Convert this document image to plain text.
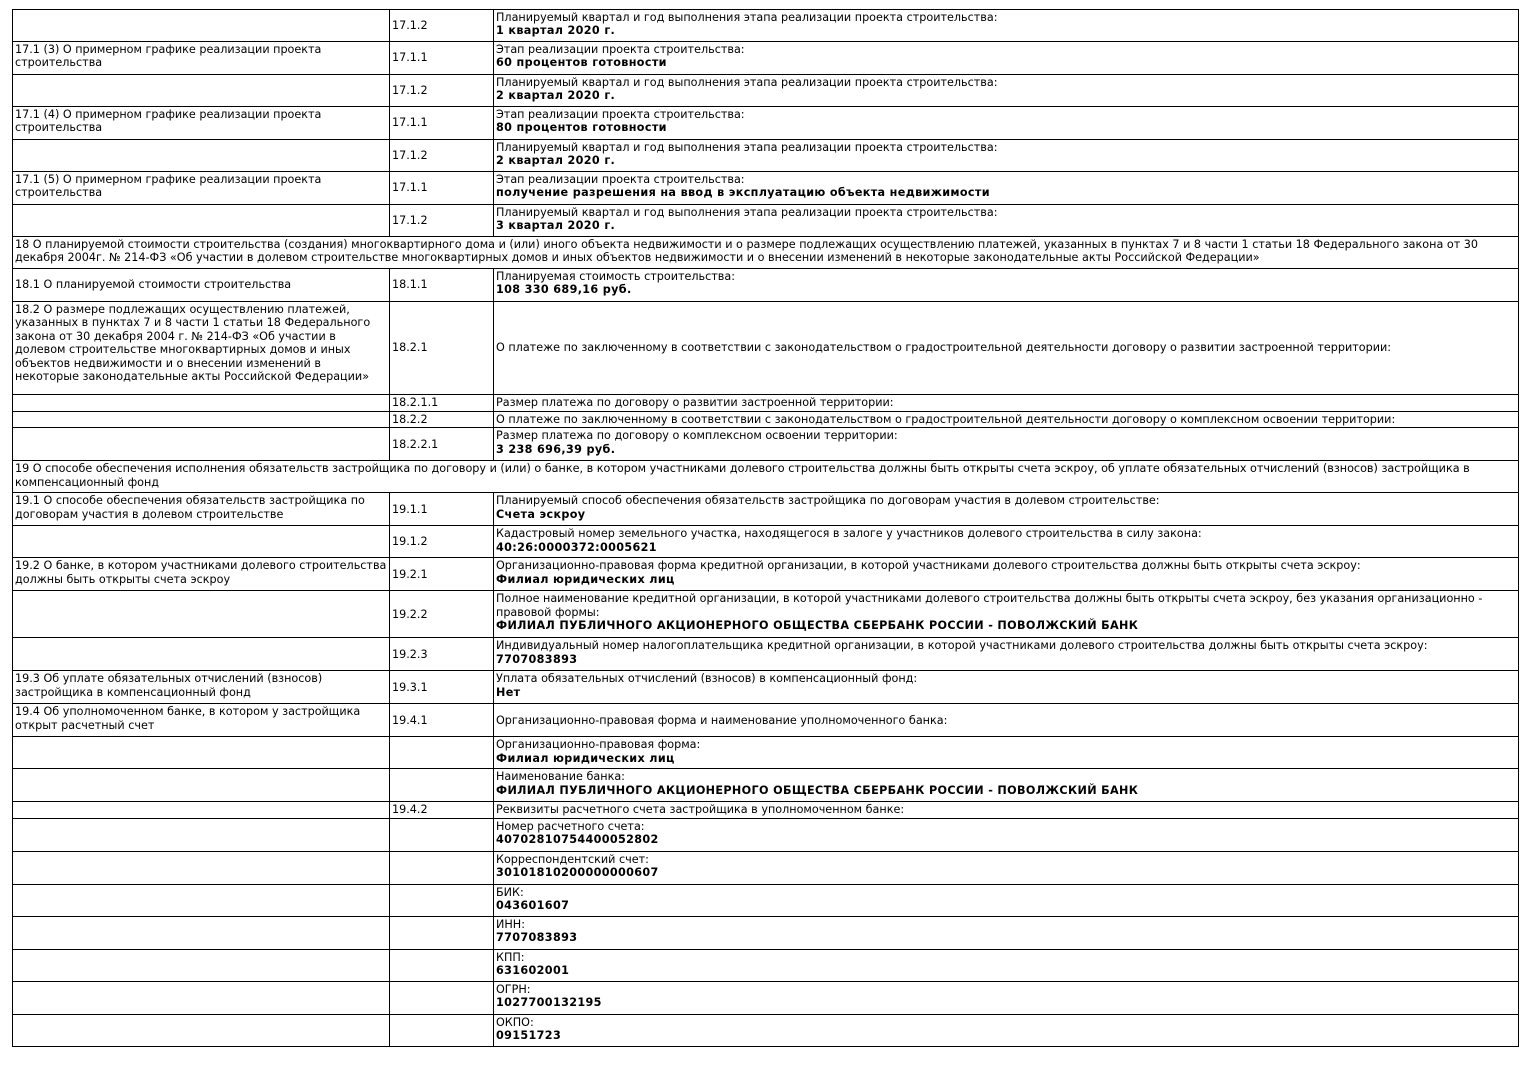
	17.1.2	Планируемый квартал и год выполнения этапа реализации проекта строительства:
1 квартал 2020 г.

17.1 (3) О примерном графике реализации проекта строительства	17.1.1	Этап реализации проекта строительства:
60 процентов готовности

	17.1.2	Планируемый квартал и год выполнения этапа реализации проекта строительства:
2 квартал 2020 г.

17.1 (4) О примерном графике реализации проекта строительства	17.1.1	Этап реализации проекта строительства:
80 процентов готовности

	17.1.2	Планируемый квартал и год выполнения этапа реализации проекта строительства:
2 квартал 2020 г.

17.1 (5) О примерном графике реализации проекта строительства	17.1.1	Этап реализации проекта строительства:
получение разрешения на ввод в эксплуатацию объекта недвижимости

	17.1.2	Планируемый квартал и год выполнения этапа реализации проекта строительства:
3 квартал 2020 г.

18 О планируемой стоимости строительства (создания) многоквартирного дома и (или) иного объекта недвижимости и о размере подлежащих осуществлению платежей, указанных в пунктах 7 и 8 части 1 статьи 18 Федерального закона от 30 декабря 2004г. № 214-ФЗ «Об участии в долевом строительстве многоквартирных домов и иных объектов недвижимости и о внесении изменений в некоторые законодательные акты Российской Федерации»		
18.1 О планируемой стоимости строительства	18.1.1	Планируемая стоимость строительства:
108 330 689,16 руб.

18.2 О размере подлежащих осуществлению платежей, указанных в пунктах 7 и 8 части 1 статьи 18 Федерального закона от 30 декабря 2004 г. № 214-ФЗ «Об участии в долевом строительстве многоквартирных домов и иных объектов недвижимости и о внесении изменений в некоторые законодательные акты Российской Федерации»	18.2.1	О платеже по заключенному в соответствии с законодательством о градостроительной деятельности договору о развитии застроенной территории:
	18.2.1.1	Размер платежа по договору о развитии застроенной территории:
	18.2.2	О платеже по заключенному в соответствии с законодательством о градостроительной деятельности договору о комплексном освоении территории:
	18.2.2.1	Размер платежа по договору о комплексном освоении территории:
3 238 696,39 руб.

19 О способе обеспечения исполнения обязательств застройщика по договору и (или) о банке, в котором участниками долевого строительства должны быть открыты счета эскроу, об уплате обязательных отчислений (взносов) застройщика в компенсационный фонд		
19.1 О способе обеспечения обязательств застройщика по договорам участия в долевом строительстве	19.1.1	Планируемый способ обеспечения обязательств застройщика по договорам участия в долевом строительстве:
Счета эскроу

	19.1.2	Кадастровый номер земельного участка, находящегося в залоге у участников долевого строительства в силу закона:
40:26:0000372:0005621

19.2 О банке, в котором участниками долевого строительства должны быть открыты счета эскроу	19.2.1	Организационно-правовая форма кредитной организации, в которой участниками долевого строительства должны быть открыты счета эскроу:
Филиал юридических лиц

	19.2.2	Полное наименование кредитной организации, в которой участниками долевого строительства должны быть открыты счета эскроу, без указания организационно - правовой формы:
ФИЛИАЛ ПУБЛИЧНОГО АКЦИОНЕРНОГО ОБЩЕСТВА СБЕРБАНК РОССИИ - ПОВОЛЖСКИЙ БАНК

	19.2.3	Индивидуальный номер налогоплательщика кредитной организации, в которой участниками долевого строительства должны быть открыты счета эскроу:
7707083893

19.3 Об уплате обязательных отчислений (взносов) застройщика в компенсационный фонд	19.3.1	Уплата обязательных отчислений (взносов) в компенсационный фонд:
Нет

19.4 Об уполномоченном банке, в котором у застройщика открыт расчетный счет	19.4.1	Организационно-правовая форма и наименование уполномоченного банка:

		Организационно-правовая форма:
Филиал юридических лиц

		Наименование банка:
ФИЛИАЛ ПУБЛИЧНОГО АКЦИОНЕРНОГО ОБЩЕСТВА СБЕРБАНК РОССИИ - ПОВОЛЖСКИЙ БАНК

	19.4.2	Реквизиты расчетного счета застройщика в уполномоченном банке:

		Номер расчетного счета:
40702810754400052802

		Корреспондентский счет:
30101810200000000607

		БИК:
043601607

		ИНН:
7707083893

		КПП:
631602001

		ОГРН:
1027700132195

		ОКПО:
09151723
